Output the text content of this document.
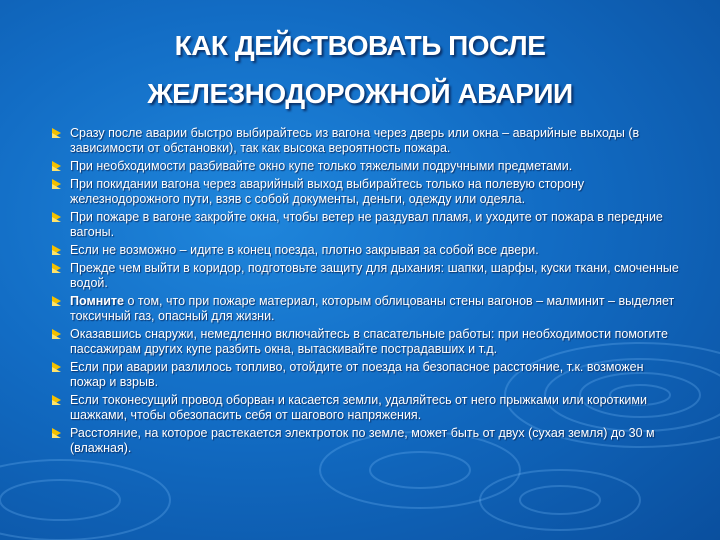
КАК ДЕЙСТВОВАТЬ ПОСЛЕ
ЖЕЛЕЗНОДОРОЖНОЙ АВАРИИ
Сразу после аварии быстро выбирайтесь из вагона через дверь или окна – аварийные выходы (в зависимости от обстановки), так как высока вероятность пожара.
При необходимости разбивайте окно купе только тяжелыми подручными предметами.
При покидании вагона через аварийный выход выбирайтесь только на полевую сторону железнодорожного пути, взяв с собой документы, деньги, одежду или одеяла.
При пожаре в вагоне закройте окна, чтобы ветер не раздувал пламя, и уходите от пожара в передние вагоны.
Если не возможно – идите в конец поезда, плотно закрывая за собой все двери.
Прежде чем выйти в коридор, подготовьте защиту для дыхания: шапки, шарфы, куски ткани, смоченные водой.
Помните о том, что при пожаре материал, которым облицованы стены вагонов – малминит – выделяет токсичный газ, опасный для жизни.
Оказавшись снаружи, немедленно включайтесь в спасательные работы: при необходимости помогите пассажирам других купе разбить окна, вытаскивайте пострадавших и т.д.
Если при аварии разлилось топливо, отойдите от поезда на безопасное расстояние, т.к. возможен пожар и взрыв.
Если токонесущий провод оборван и касается земли, удаляйтесь от него прыжками или короткими шажками, чтобы обезопасить себя от шагового напряжения.
Расстояние, на которое растекается электроток по земле, может быть от двух (сухая земля) до 30 м (влажная).
